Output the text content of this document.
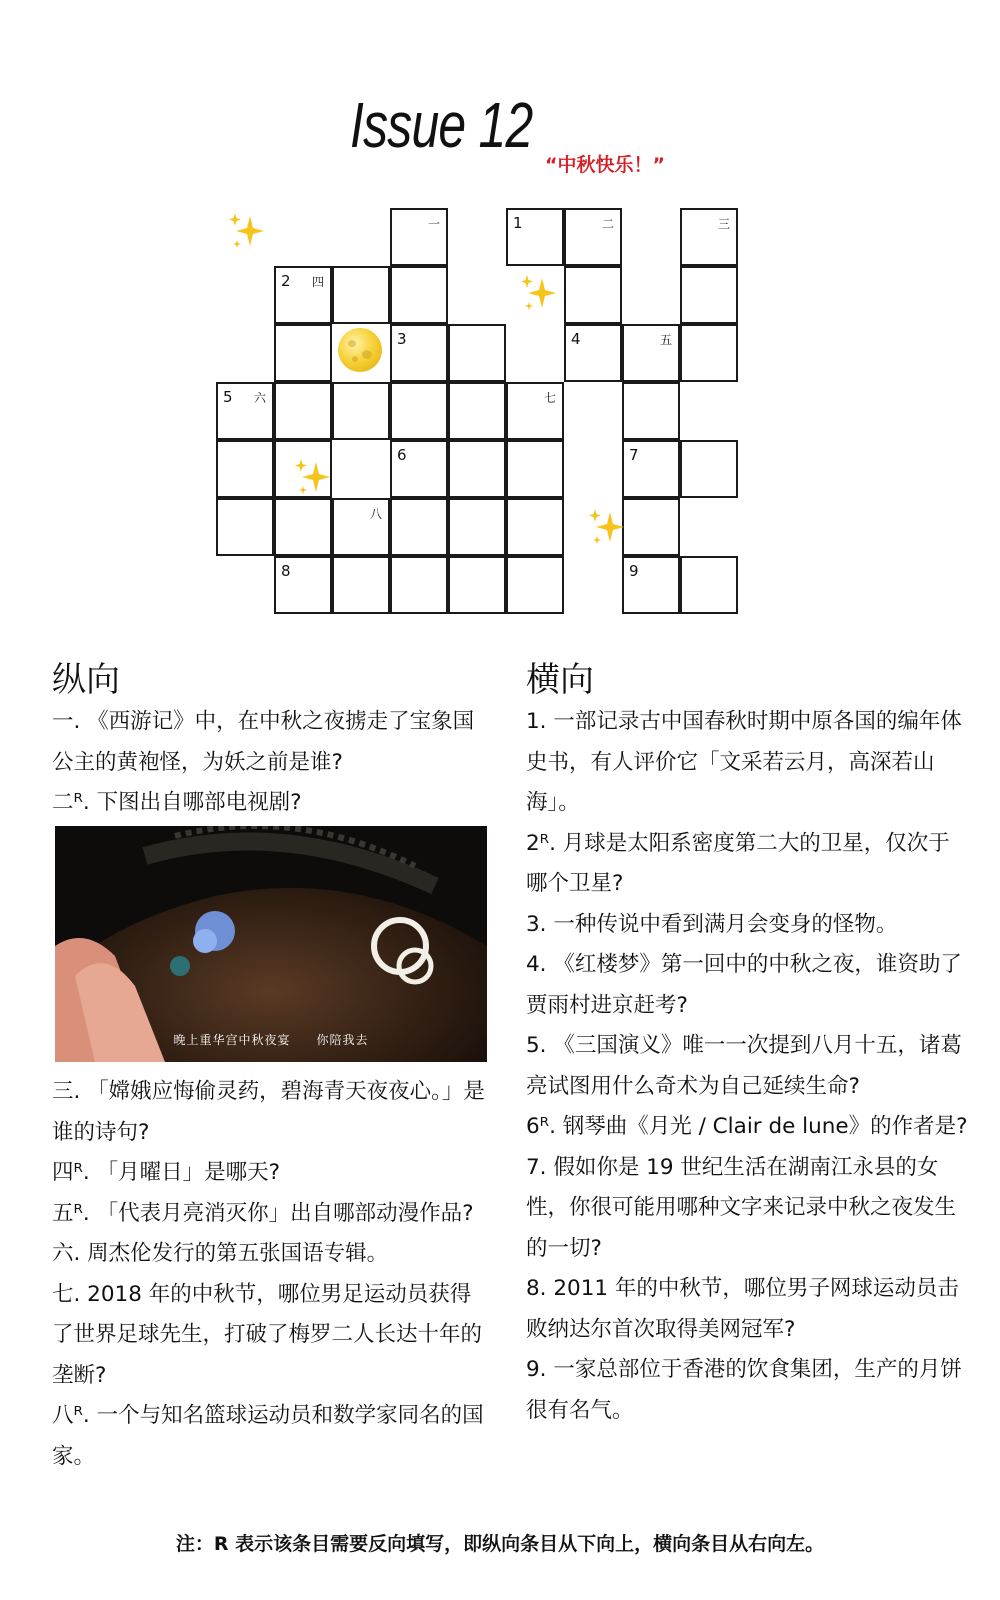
Issue 12
“中秋快乐！”
9
8
八
7
6
七
5 六
五
4
3
2 四
三
二
1
一
纵向

一. 《西游记》中，在中秋之夜掳走了宝象国公主的黄袍怪，为妖之前是谁?

二ᴿ. 下图出自哪部电视剧?

晚上重华宫中秋夜宴　　你陪我去

三. 「嫦娥应悔偷灵药，碧海青天夜夜心。」是谁的诗句?

四ᴿ. 「月曜日」是哪天?

五ᴿ. 「代表月亮消灭你」出自哪部动漫作品?

六. 周杰伦发行的第五张国语专辑。

七. 2018 年的中秋节，哪位男足运动员获得了世界足球先生，打破了梅罗二人长达十年的垄断?

八ᴿ. 一个与知名篮球运动员和数学家同名的国家。

横向

1. 一部记录古中国春秋时期中原各国的编年体史书，有人评价它「文采若云月，高深若山海」。

2ᴿ. 月球是太阳系密度第二大的卫星，仅次于哪个卫星?

3. 一种传说中看到满月会变身的怪物。

4. 《红楼梦》第一回中的中秋之夜，谁资助了贾雨村进京赶考?

5. 《三国演义》唯一一次提到八月十五，诸葛亮试图用什么奇术为自己延续生命?

6ᴿ. 钢琴曲《月光 / Clair de lune》的作者是?

7. 假如你是 19 世纪生活在湖南江永县的女性，你很可能用哪种文字来记录中秋之夜发生的一切?

8. 2011 年的中秋节，哪位男子网球运动员击败纳达尔首次取得美网冠军?

9. 一家总部位于香港的饮食集团，生产的月饼很有名气。

注：R 表示该条目需要反向填写，即纵向条目从下向上，横向条目从右向左。
